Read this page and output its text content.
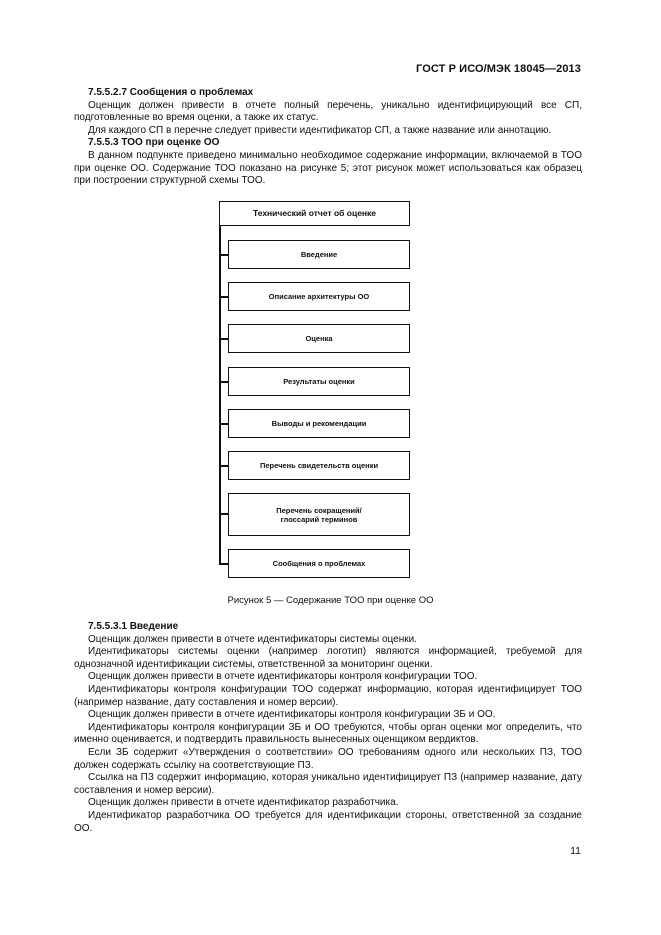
ГОСТ Р ИСО/МЭК 18045—2013

7.5.5.2.7 Сообщения о проблемах

Оценщик должен привести в отчете полный перечень, уникально идентифицирующий все СП, подготовленные во время оценки, а также их статус.

Для каждого СП в перечне следует привести идентификатор СП, а также название или аннотацию.

7.5.5.3 ТОО при оценке ОО

В данном подпункте приведено минимально необходимое содержание информации, включаемой в ТОО при оценке ОО. Содержание ТОО показано на рисунке 5; этот рисунок может использоваться как образец при построении структурной схемы ТОО.

Технический отчет об оценке
Введение
Описание архитектуры ОО
Оценка
Результаты оценки
Выводы и рекомендации
Перечень свидетельств оценки
Перечень сокращений/глоссарий терминов
Сообщения о проблемах
Рисунок 5 — Содержание ТОО при оценке ОО

7.5.5.3.1 Введение

Оценщик должен привести в отчете идентификаторы системы оценки.

Идентификаторы системы оценки (например логотип) являются информацией, требуемой для однозначной идентификации системы, ответственной за мониторинг оценки.

Оценщик должен привести в отчете идентификаторы контроля конфигурации ТОО.

Идентификаторы контроля конфигурации ТОО содержат информацию, которая идентифицирует ТОО (например название, дату составления и номер версии).

Оценщик должен привести в отчете идентификаторы контроля конфигурации ЗБ и ОО.

Идентификаторы контроля конфигурации ЗБ и ОО требуются, чтобы орган оценки мог определить, что именно оценивается, и подтвердить правильность вынесенных оценщиком вердиктов.

Если ЗБ содержит «Утверждения о соответствии» ОО требованиям одного или нескольких ПЗ, ТОО должен содержать ссылку на соответствующие ПЗ.

Ссылка на ПЗ содержит информацию, которая уникально идентифицирует ПЗ (например название, дату составления и номер версии).

Оценщик должен привести в отчете идентификатор разработчика.

Идентификатор разработчика ОО требуется для идентификации стороны, ответственной за создание ОО.

11
